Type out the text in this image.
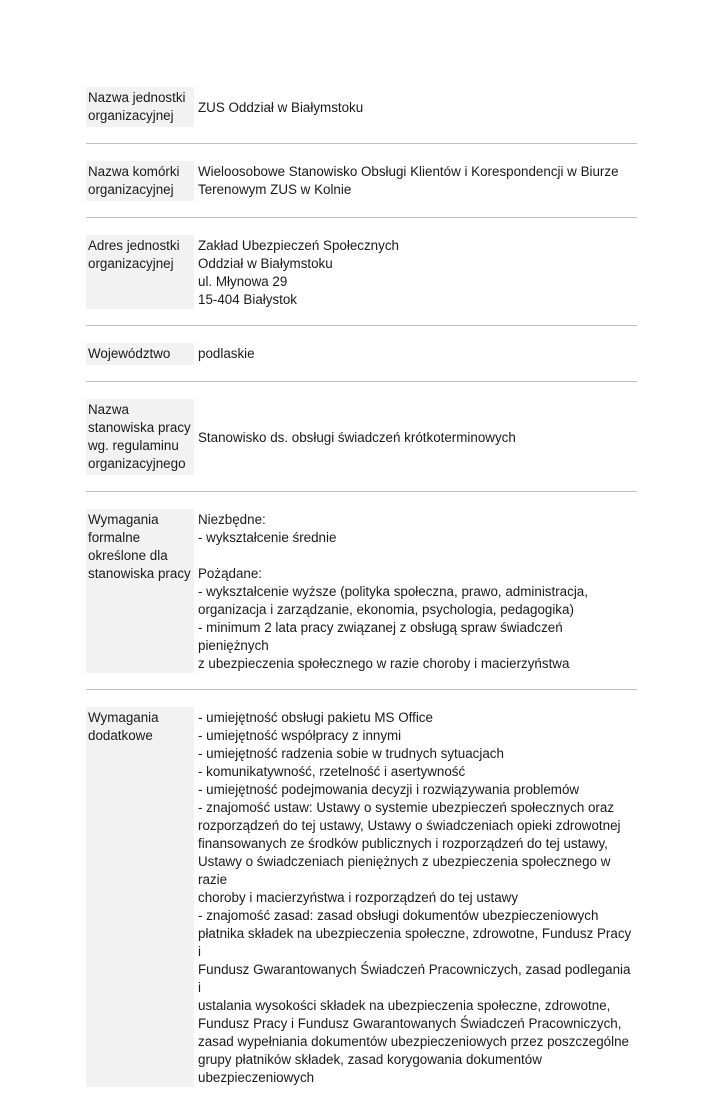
Nazwa jednostki
organizacyjnej
ZUS Oddział w Białymstoku
Nazwa komórki
organizacyjnej
Wieloosobowe Stanowisko Obsługi Klientów i Korespondencji w Biurze
Terenowym ZUS w Kolnie
Adres jednostki
organizacyjnej
Zakład Ubezpieczeń Społecznych
Oddział w Białymstoku
ul. Młynowa 29
15-404 Białystok
Województwo	podlaskie
Nazwa
stanowiska pracy
wg. regulaminu
organizacyjnego
Stanowisko ds. obsługi świadczeń krótkoterminowych
Wymagania
formalne
określone dla
stanowiska pracy
Niezbędne:
- wykształcenie średnie

Pożądane:
- wykształcenie wyższe (polityka społeczna, prawo, administracja,
organizacja i zarządzanie, ekonomia, psychologia, pedagogika)
- minimum 2 lata pracy związanej z obsługą spraw świadczeń pieniężnych
z ubezpieczenia społecznego w razie choroby i macierzyństwa
Wymagania
dodatkowe
- umiejętność obsługi pakietu MS Office
- umiejętność współpracy z innymi
- umiejętność radzenia sobie w trudnych sytuacjach
- komunikatywność, rzetelność i asertywność
- umiejętność podejmowania decyzji i rozwiązywania problemów
- znajomość ustaw: Ustawy o systemie ubezpieczeń społecznych oraz
rozporządzeń do tej ustawy, Ustawy o świadczeniach opieki zdrowotnej
finansowanych ze środków publicznych i rozporządzeń do tej ustawy,
Ustawy o świadczeniach pieniężnych z ubezpieczenia społecznego w razie
choroby i macierzyństwa i rozporządzeń do tej ustawy
- znajomość zasad: zasad obsługi dokumentów ubezpieczeniowych
płatnika składek na ubezpieczenia społeczne, zdrowotne, Fundusz Pracy i
Fundusz Gwarantowanych Świadczeń Pracowniczych, zasad podlegania i
ustalania wysokości składek na ubezpieczenia społeczne, zdrowotne,
Fundusz Pracy i Fundusz Gwarantowanych Świadczeń Pracowniczych,
zasad wypełniania dokumentów ubezpieczeniowych przez poszczególne
grupy płatników składek, zasad korygowania dokumentów
ubezpieczeniowych
